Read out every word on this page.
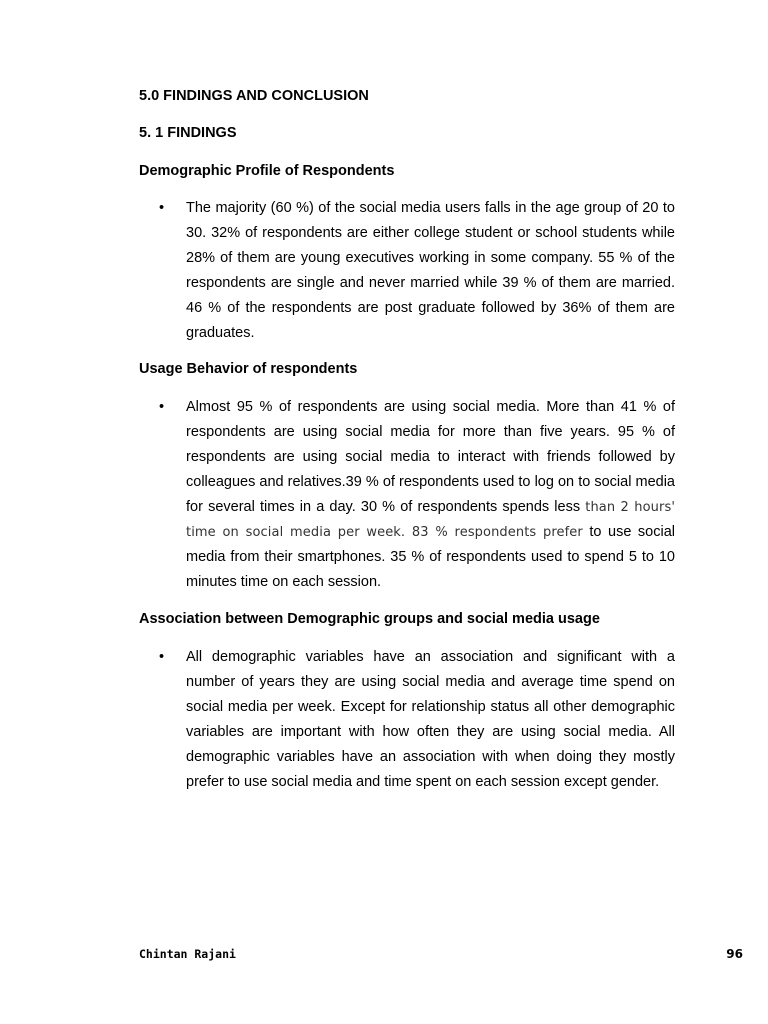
5.0 FINDINGS AND CONCLUSION
5. 1 FINDINGS
Demographic Profile of Respondents
• The majority (60 %) of the social media users falls in the age group of 20 to 30. 32% of respondents are either college student or school students while 28% of them are young executives working in some company. 55 % of the respondents are single and never married while 39 % of them are married. 46 % of the respondents are post graduate followed by 36% of them are graduates.
Usage Behavior of respondents
• Almost 95 % of respondents are using social media. More than 41 % of respondents are using social media for more than five years. 95 % of respondents are using social media to interact with friends followed by colleagues and relatives.39 % of respondents used to log on to social media for several times in a day. 30 % of respondents spends less than 2 hours' time on social media per week. 83 % respondents prefer to use social media from their smartphones. 35 % of respondents used to spend 5 to 10 minutes time on each session.
Association between Demographic groups and social media usage
• All demographic variables have an association and significant with a number of years they are using social media and average time spend on social media per week. Except for relationship status all other demographic variables are important with how often they are using social media. All demographic variables have an association with when doing they mostly prefer to use social media and time spent on each session except gender.
Chintan Rajani	96
